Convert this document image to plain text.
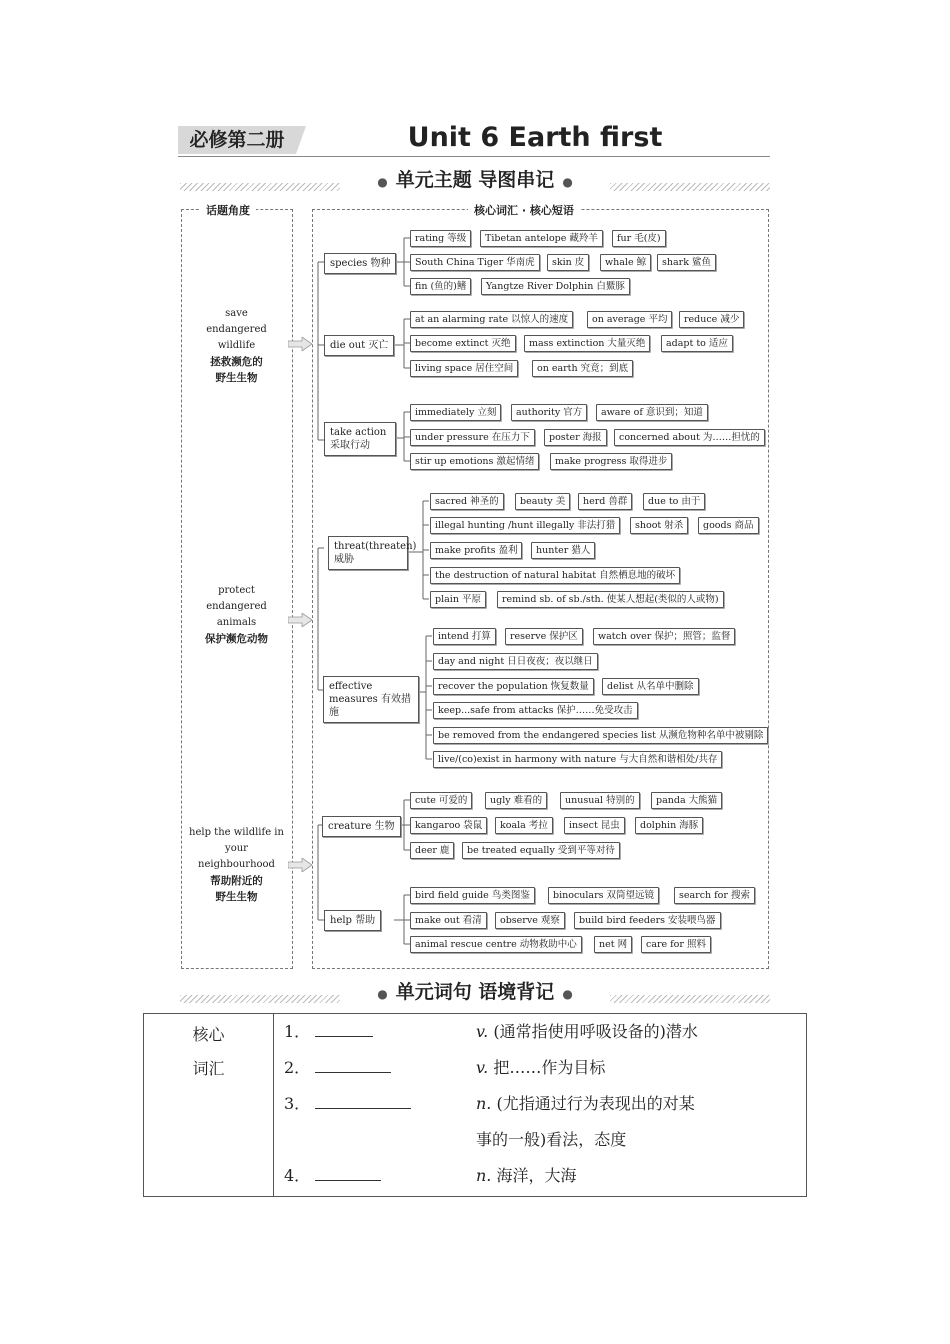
必修第二册	Unit 6 Earth first
● 单元主题 导图串记 ●
话题角度	核心词汇 · 核心短语
save endangered wildlife
拯救濒危的野生生物
protect endangered animals
保护濒危动物
help the wildlife in your neighbourhood
帮助附近的野生生物
species 物种
die out 灭亡
take action 采取行动
threat(threaten) 威胁
effective measures 有效措施
creature 生物
help 帮助
rating 等级	Tibetan antelope 藏羚羊	fur 毛(皮)
South China Tiger 华南虎	skin 皮	whale 鲸	shark 鲨鱼
fin (鱼的)鳍	Yangtze River Dolphin 白鱀豚
at an alarming rate 以惊人的速度	on average 平均	reduce 减少
become extinct 灭绝	mass extinction 大量灭绝	adapt to 适应
living space 居住空间	on earth 究竟；到底
immediately 立刻	authority 官方	aware of 意识到；知道
under pressure 在压力下	poster 海报	concerned about 为……担忧的
stir up emotions 激起情绪	make progress 取得进步
sacred 神圣的	beauty 美	herd 兽群	due to 由于
illegal hunting /hunt illegally 非法打猎	shoot 射杀	goods 商品
make profits 盈利	hunter 猎人
the destruction of natural habitat 自然栖息地的破坏
plain 平原	remind sb. of sb./sth. 使某人想起(类似的人或物)
intend 打算	reserve 保护区	watch over 保护；照管；监督
day and night 日日夜夜；夜以继日
recover the population 恢复数量	delist 从名单中删除
keep...safe from attacks 保护……免受攻击
be removed from the endangered species list 从濒危物种名单中被剔除
live/(co)exist in harmony with nature 与大自然和谐相处/共存
cute 可爱的	ugly 难看的	unusual 特别的	panda 大熊猫
kangaroo 袋鼠	koala 考拉	insect 昆虫	dolphin 海豚
deer 鹿	be treated equally 受到平等对待
bird field guide 鸟类图鉴	binoculars 双筒望远镜	search for 搜索
make out 看清	observe 观察	build bird feeders 安装喂鸟器
animal rescue centre 动物救助中心	net 网	care for 照料
● 单元词句 语境背记 ●
核心
词汇

1．	v. (通常指使用呼吸设备的)潜水
2．	v. 把……作为目标
3．	n. (尤指通过行为表现出的对某
事的一般)看法，态度
4．	n. 海洋，大海
